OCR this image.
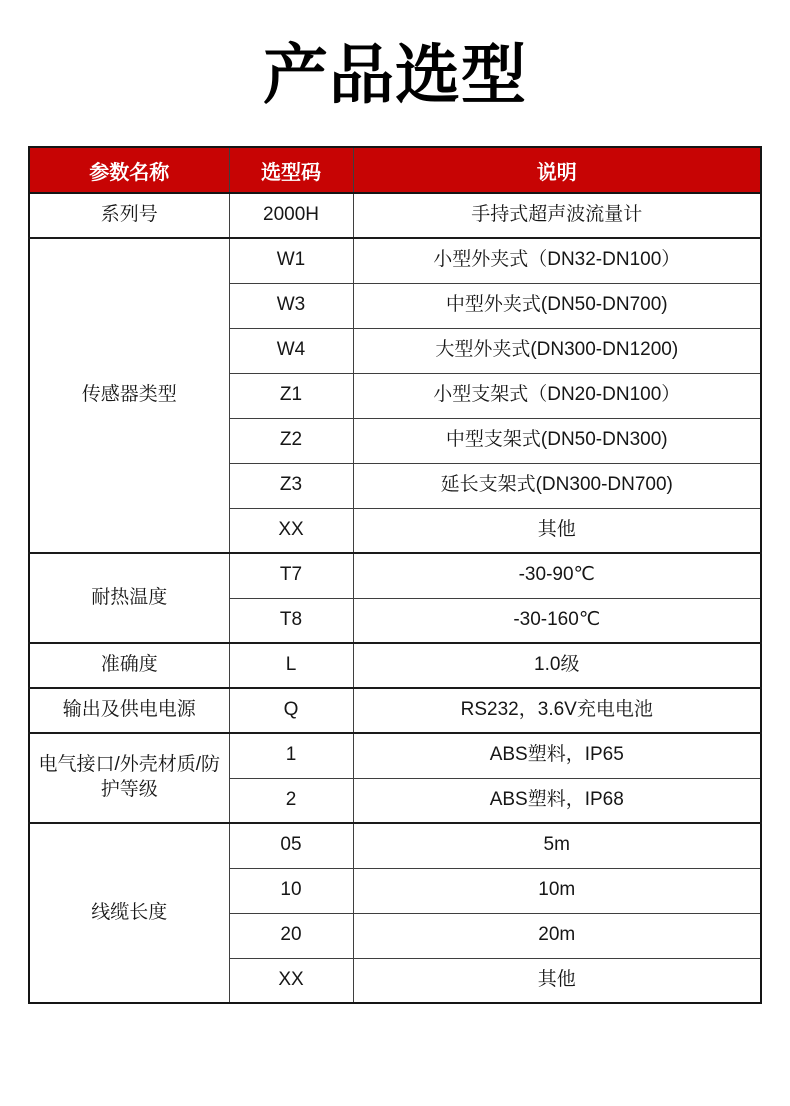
产品选型
参数名称	选型码	说明
系列号	2000H	手持式超声波流量计
传感器类型	W1	小型外夹式（DN32-DN100）
	W3	中型外夹式(DN50-DN700)
	W4	大型外夹式(DN300-DN1200)
	Z1	小型支架式（DN20-DN100）
	Z2	中型支架式(DN50-DN300)
	Z3	延长支架式(DN300-DN700)
	XX	其他
耐热温度	T7	-30-90℃
	T8	-30-160℃
准确度	L	1.0级
输出及供电电源	Q	RS232，3.6V充电电池
电气接口/外壳材质/防护等级	1	ABS塑料，IP65
	2	ABS塑料，IP68
线缆长度	05	5m
	10	10m
	20	20m
	XX	其他
